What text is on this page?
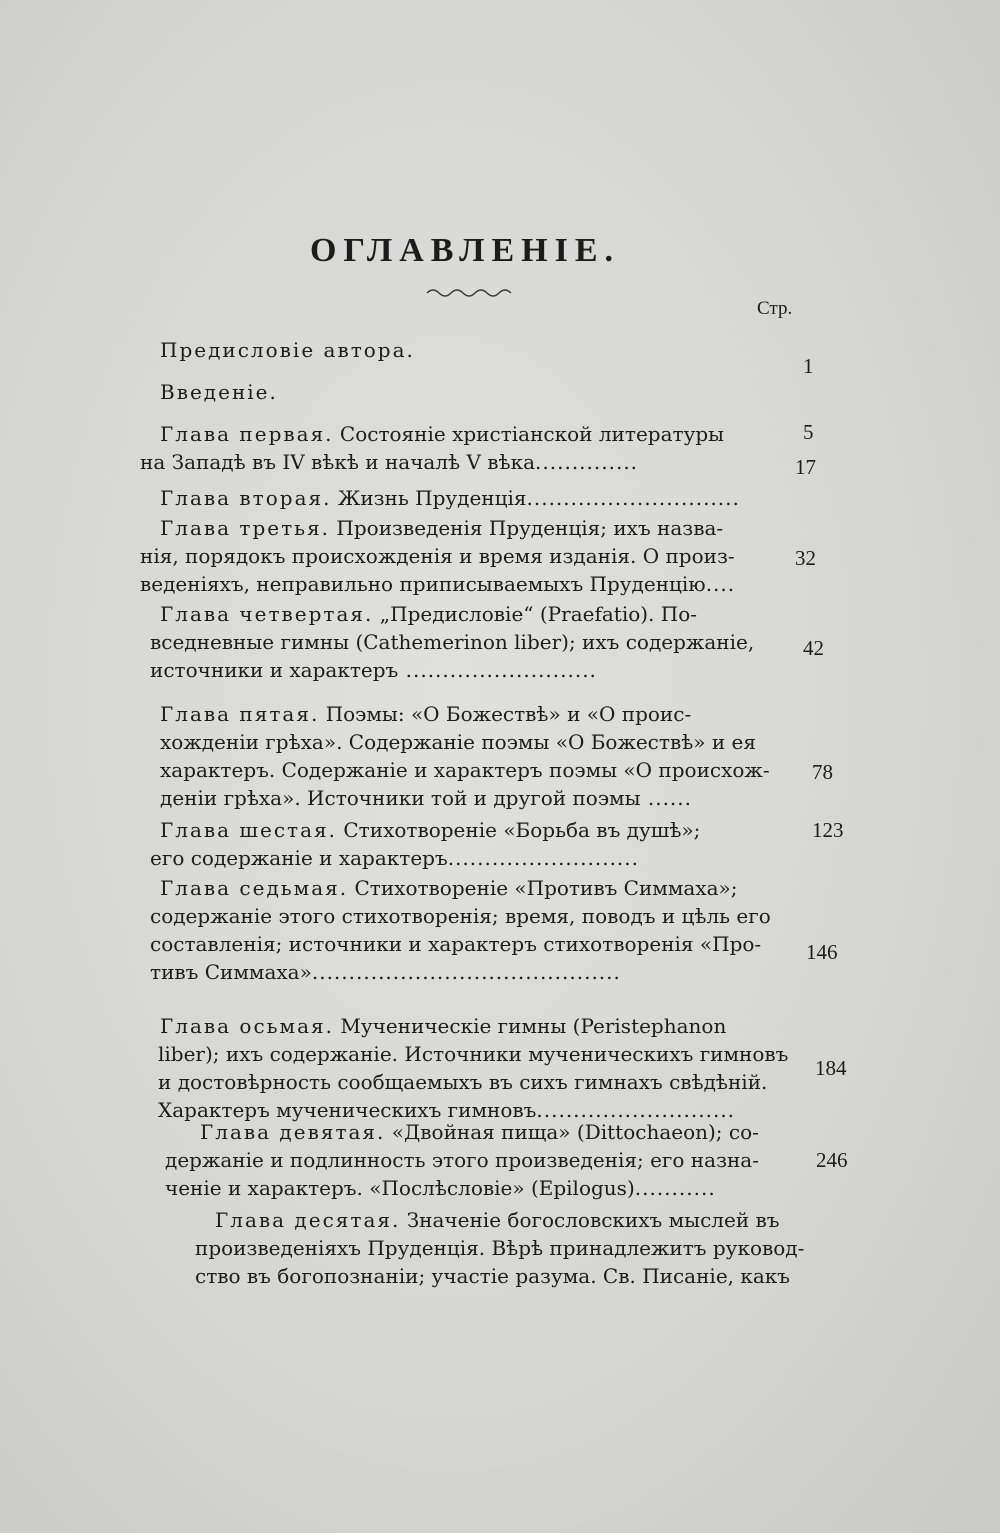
ОГЛАВЛЕНІЕ.
Стр.

Предисловіе автора.

1

Введеніе.

Глава первая. Состояніе христіанской литературы

на Западѣ въ IV вѣкѣ и началѣ V вѣка..............

5

Глава вторая. Жизнь Пруденція.............................

17

Глава третья. Произведенія Пруденція; ихъ назва-

нія, порядокъ происхожденія и время изданія. О произ-

веденіяхъ, неправильно приписываемыхъ Пруденцію....

32

Глава четвертая. „Предисловіе“ (Praefatio). По-

вседневные гимны (Cathemerinon liber); ихъ содержаніе,

источники и характеръ ..........................

42

Глава пятая. Поэмы: «О Божествѣ» и «О проис-

хожденіи грѣха». Содержаніе поэмы «О Божествѣ» и ея

характеръ. Содержаніе и характеръ поэмы «О происхож-

деніи грѣха». Источники той и другой поэмы ......

78

Глава шестая. Стихотвореніе «Борьба въ душѣ»;

его содержаніе и характеръ..........................

123

Глава седьмая. Стихотвореніе «Противъ Симмаха»;

содержаніе этого стихотворенія; время, поводъ и цѣль его

составленія; источники и характеръ стихотворенія «Про-

тивъ Симмаха»..........................................

146

Глава осьмая. Мученическіе гимны (Peristephanon

liber); ихъ содержаніе. Источники мученическихъ гимновъ

и достовѣрность сообщаемыхъ въ сихъ гимнахъ свѣдѣній.

Характеръ мученическихъ гимновъ...........................

184

Глава девятая. «Двойная пища» (Dittochaeon); со-

держаніе и подлинность этого произведенія; его назна-

ченіе и характеръ. «Послѣсловіе» (Epilogus)...........

246

Глава десятая. Значеніе богословскихъ мыслей въ

произведеніяхъ Пруденція. Вѣрѣ принадлежитъ руковод-

ство въ богопознаніи; участіе разума. Св. Писаніе, какъ
